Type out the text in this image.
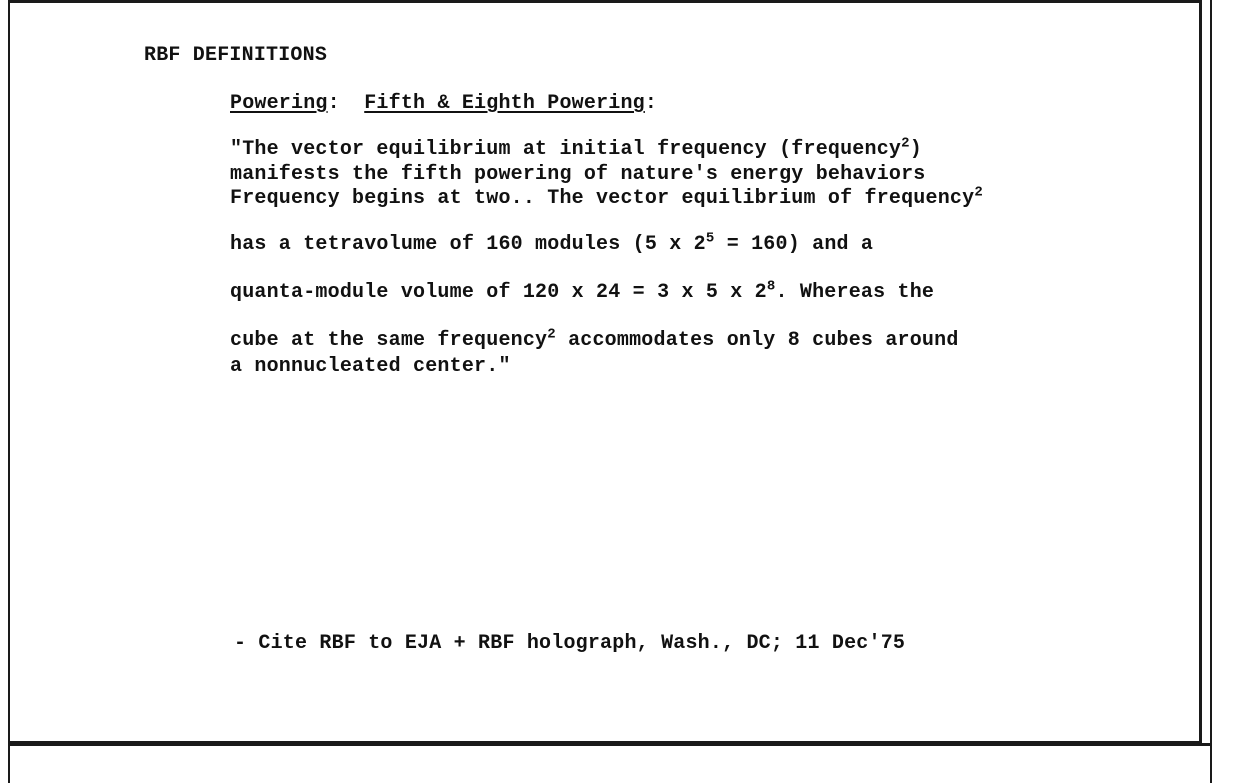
RBF DEFINITIONS
Powering: Fifth & Eighth Powering:
"The vector equilibrium at initial frequency (frequency$^2$)
manifests the fifth powering of nature's energy behaviors
Frequency begins at two.. The vector equilibrium of frequency$^2$
has a tetravolume of 160 modules (5 x $2^5 = 160$) and a
quanta-module volume of 120 x 24 = 3 x 5 x $2^8$. Whereas the
cube at the same frequency$^2$ accommodates only 8 cubes around
a nonnucleated center."
- Cite RBF to EJA + RBF holograph, Wash., DC; 11 Dec'75
